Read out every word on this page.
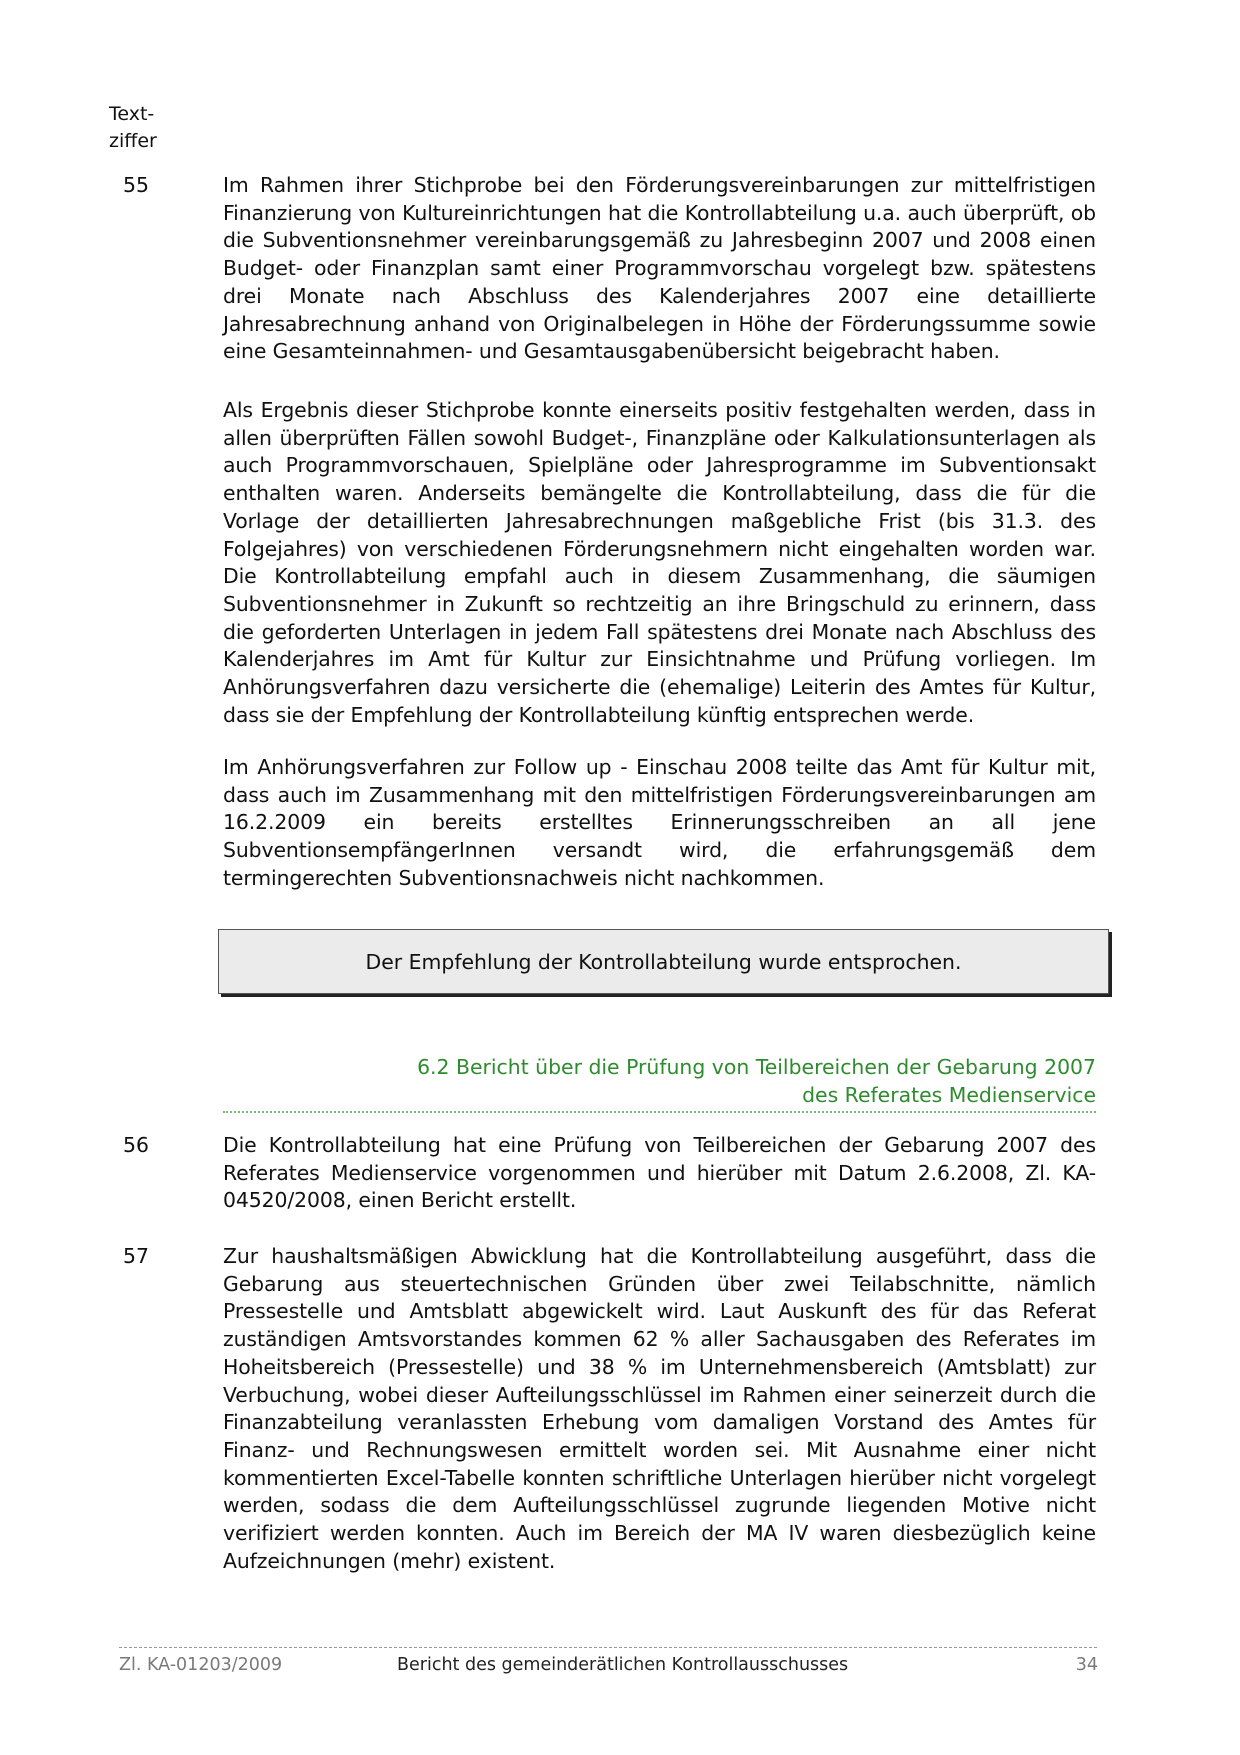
Text-
ziffer
55	Im Rahmen ihrer Stichprobe bei den Förderungsvereinbarungen zur mittelfristigen Finanzierung von Kultureinrichtungen hat die Kontrollabteilung u.a. auch überprüft, ob die Subventionsnehmer vereinbarungsgemäß zu Jahresbeginn 2007 und 2008 einen Budget- oder Finanzplan samt einer Programmvorschau vorgelegt bzw. spätestens drei Monate nach Abschluss des Kalenderjahres 2007 eine detaillierte Jahresabrechnung anhand von Originalbelegen in Höhe der Förderungssumme sowie eine Gesamteinnahmen- und Gesamtausgabenübersicht beigebracht haben.

Als Ergebnis dieser Stichprobe konnte einerseits positiv festgehalten werden, dass in allen überprüften Fällen sowohl Budget-, Finanzpläne oder Kalkulationsunterlagen als auch Programmvorschauen, Spielpläne oder Jahresprogramme im Subventionsakt enthalten waren. Anderseits bemängelte die Kontrollabteilung, dass die für die Vorlage der detaillierten Jahresabrechnungen maßgebliche Frist (bis 31.3. des Folgejahres) von verschiedenen Förderungsnehmern nicht eingehalten worden war. Die Kontrollabteilung empfahl auch in diesem Zusammenhang, die säumigen Subventionsnehmer in Zukunft so rechtzeitig an ihre Bringschuld zu erinnern, dass die geforderten Unterlagen in jedem Fall spätestens drei Monate nach Abschluss des Kalenderjahres im Amt für Kultur zur Einsichtnahme und Prüfung vorliegen. Im Anhörungsverfahren dazu versicherte die (ehemalige) Leiterin des Amtes für Kultur, dass sie der Empfehlung der Kontrollabteilung künftig entsprechen werde.

Im Anhörungsverfahren zur Follow up - Einschau 2008 teilte das Amt für Kultur mit, dass auch im Zusammenhang mit den mittelfristigen Förderungsvereinbarungen am 16.2.2009 ein bereits erstelltes Erinnerungsschreiben an all jene SubventionsempfängerInnen versandt wird, die erfahrungsgemäß dem termingerechten Subventionsnachweis nicht nachkommen.

Der Empfehlung der Kontrollabteilung wurde entsprochen.
6.2 Bericht über die Prüfung von Teilbereichen der Gebarung 2007
des Referates Medienservice
56	Die Kontrollabteilung hat eine Prüfung von Teilbereichen der Gebarung 2007 des Referates Medienservice vorgenommen und hierüber mit Datum 2.6.2008, Zl. KA-04520/2008, einen Bericht erstellt.

57	Zur haushaltsmäßigen Abwicklung hat die Kontrollabteilung ausgeführt, dass die Gebarung aus steuertechnischen Gründen über zwei Teilabschnitte, nämlich Pressestelle und Amtsblatt abgewickelt wird. Laut Auskunft des für das Referat zuständigen Amtsvorstandes kommen 62 % aller Sachausgaben des Referates im Hoheitsbereich (Pressestelle) und 38 % im Unternehmensbereich (Amtsblatt) zur Verbuchung, wobei dieser Aufteilungsschlüssel im Rahmen einer seinerzeit durch die Finanzabteilung veranlassten Erhebung vom damaligen Vorstand des Amtes für Finanz- und Rechnungswesen ermittelt worden sei. Mit Ausnahme einer nicht kommentierten Excel-Tabelle konnten schriftliche Unterlagen hierüber nicht vorgelegt werden, sodass die dem Aufteilungsschlüssel zugrunde liegenden Motive nicht verifiziert werden konnten. Auch im Bereich der MA IV waren diesbezüglich keine Aufzeichnungen (mehr) existent.

Zl. KA-01203/2009	Bericht des gemeinderätlichen Kontrollausschusses	34
